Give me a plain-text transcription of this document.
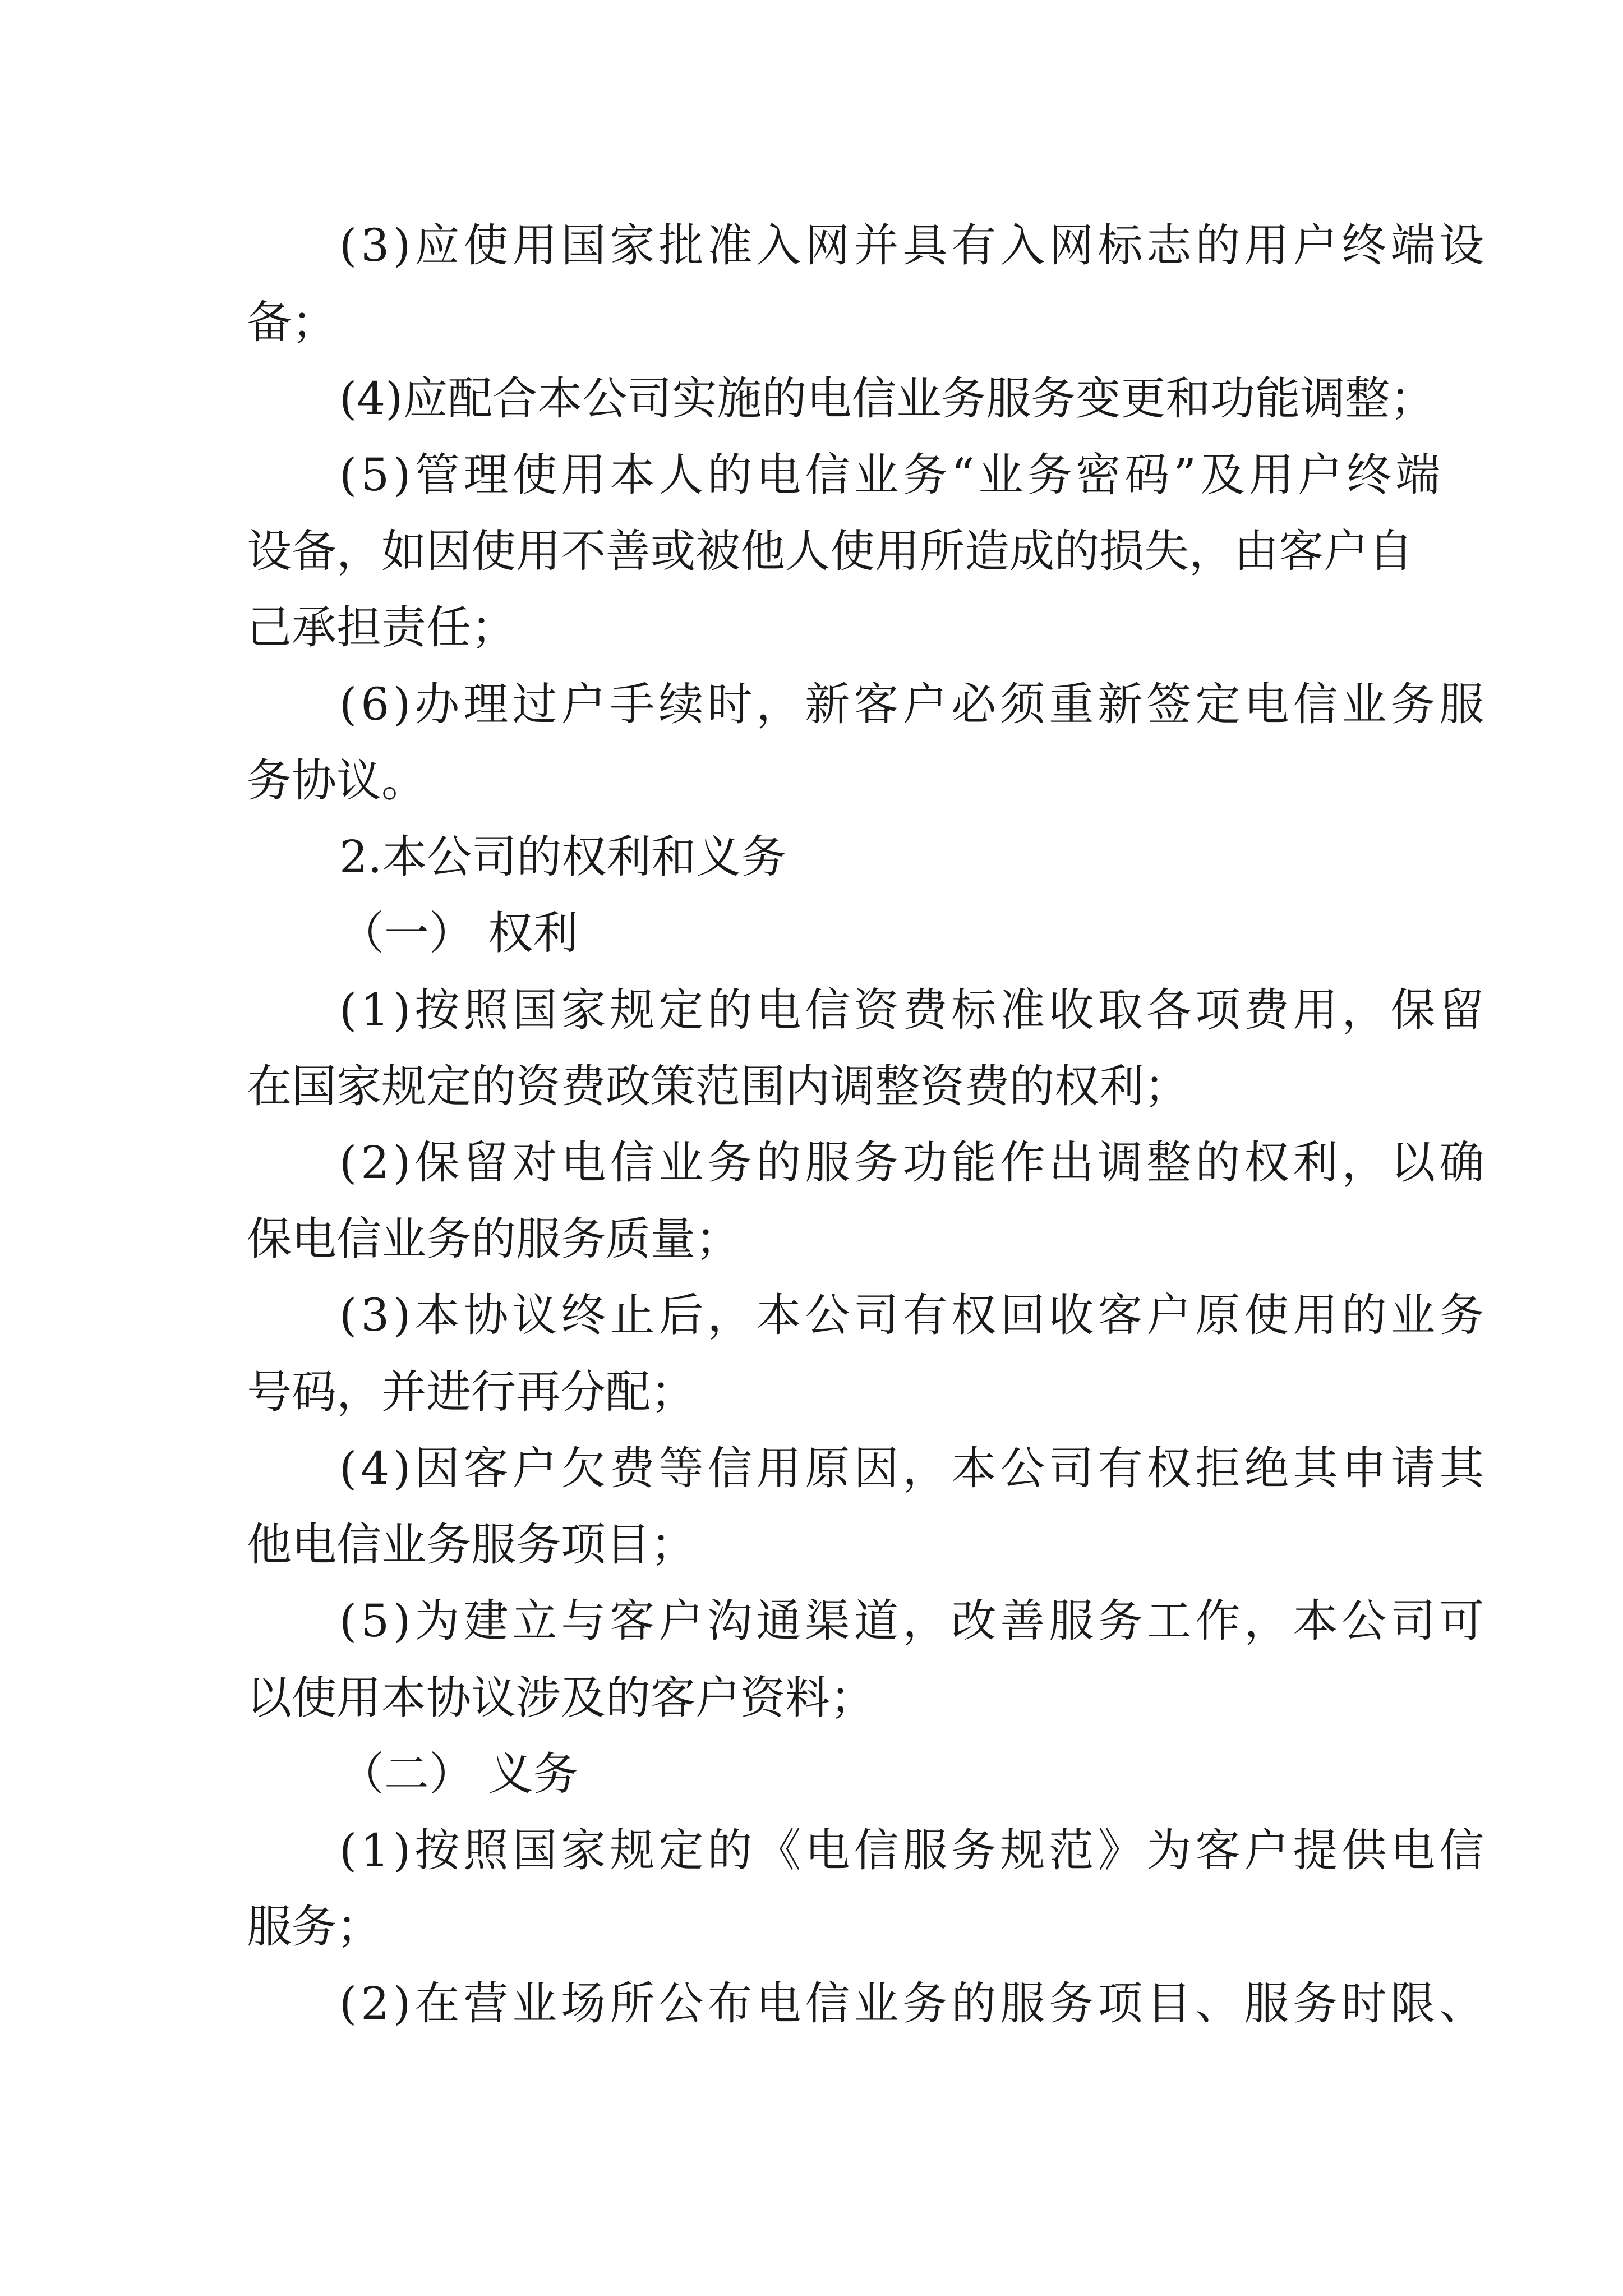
(3)应使用国家批准入网并具有入网标志的用户终端设
备；
(4)应配合本公司实施的电信业务服务变更和功能调整；
(5)管理使用本人的电信业务“业务密码”及用户终端
设备，如因使用不善或被他人使用所造成的损失，由客户自
己承担责任；
(6)办理过户手续时，新客户必须重新签定电信业务服
务协议。
2.本公司的权利和义务
（一） 权利
(1)按照国家规定的电信资费标准收取各项费用，保留
在国家规定的资费政策范围内调整资费的权利；
(2)保留对电信业务的服务功能作出调整的权利，以确
保电信业务的服务质量；
(3)本协议终止后，本公司有权回收客户原使用的业务
号码，并进行再分配；
(4)因客户欠费等信用原因，本公司有权拒绝其申请其
他电信业务服务项目；
(5)为建立与客户沟通渠道，改善服务工作，本公司可
以使用本协议涉及的客户资料；
（二） 义务
(1)按照国家规定的《电信服务规范》为客户提供电信
服务；
(2)在营业场所公布电信业务的服务项目、服务时限、
